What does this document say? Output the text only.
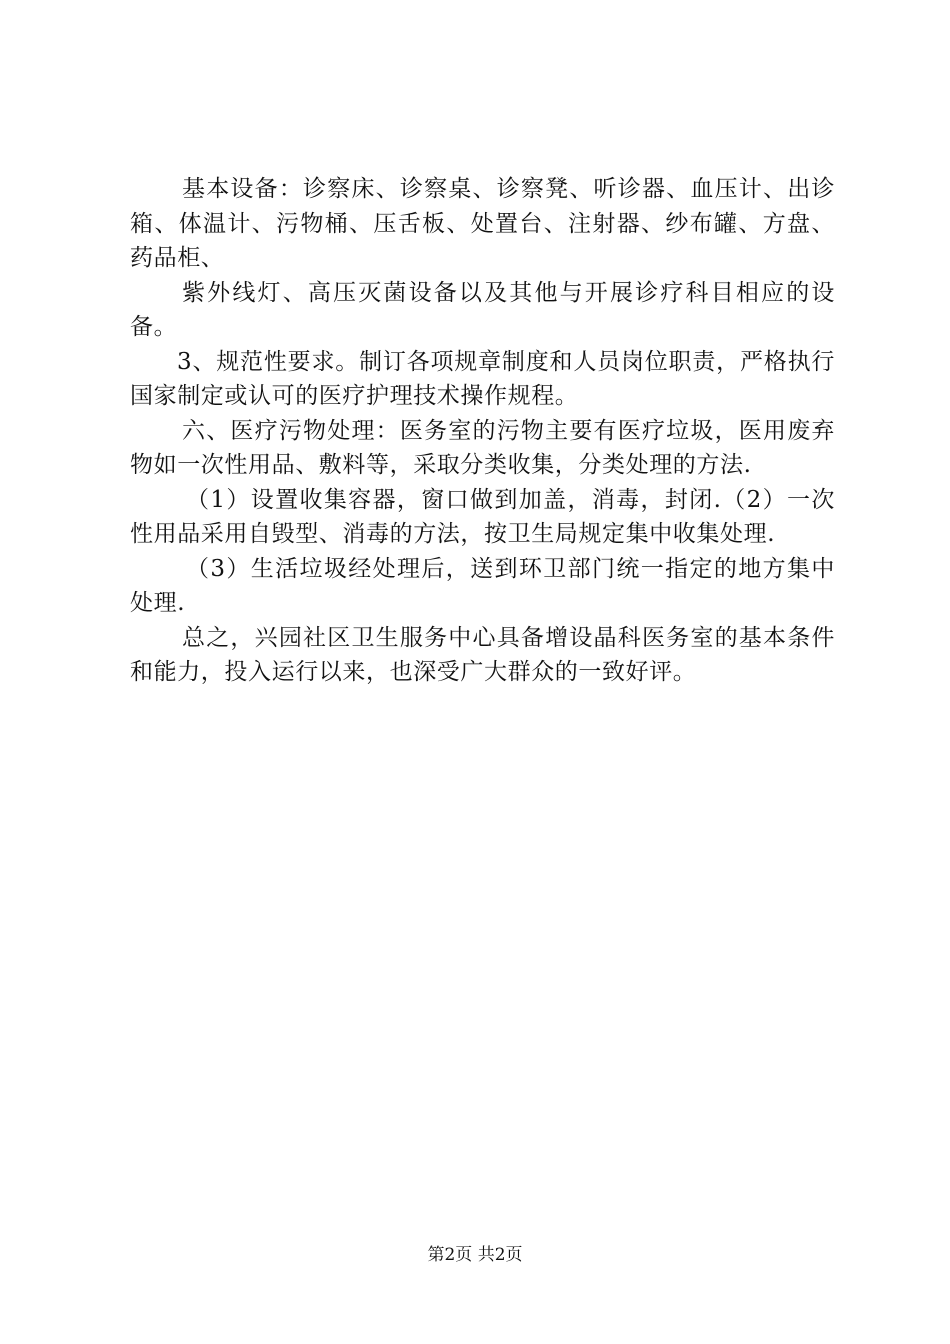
基本设备：诊察床、诊察桌、诊察凳、听诊器、血压计、出诊箱、体温计、污物桶、压舌板、处置台、注射器、纱布罐、方盘、药品柜、

紫外线灯、高压灭菌设备以及其他与开展诊疗科目相应的设备。

3、规范性要求。制订各项规章制度和人员岗位职责，严格执行国家制定或认可的医疗护理技术操作规程。

六、医疗污物处理：医务室的污物主要有医疗垃圾，医用废弃物如一次性用品、敷料等，采取分类收集，分类处理的方法.

（1）设置收集容器，窗口做到加盖，消毒，封闭.（2）一次性用品采用自毁型、消毒的方法，按卫生局规定集中收集处理.

（3）生活垃圾经处理后，送到环卫部门统一指定的地方集中处理.

总之，兴园社区卫生服务中心具备增设晶科医务室的基本条件和能力，投入运行以来，也深受广大群众的一致好评。

第2页 共2页
